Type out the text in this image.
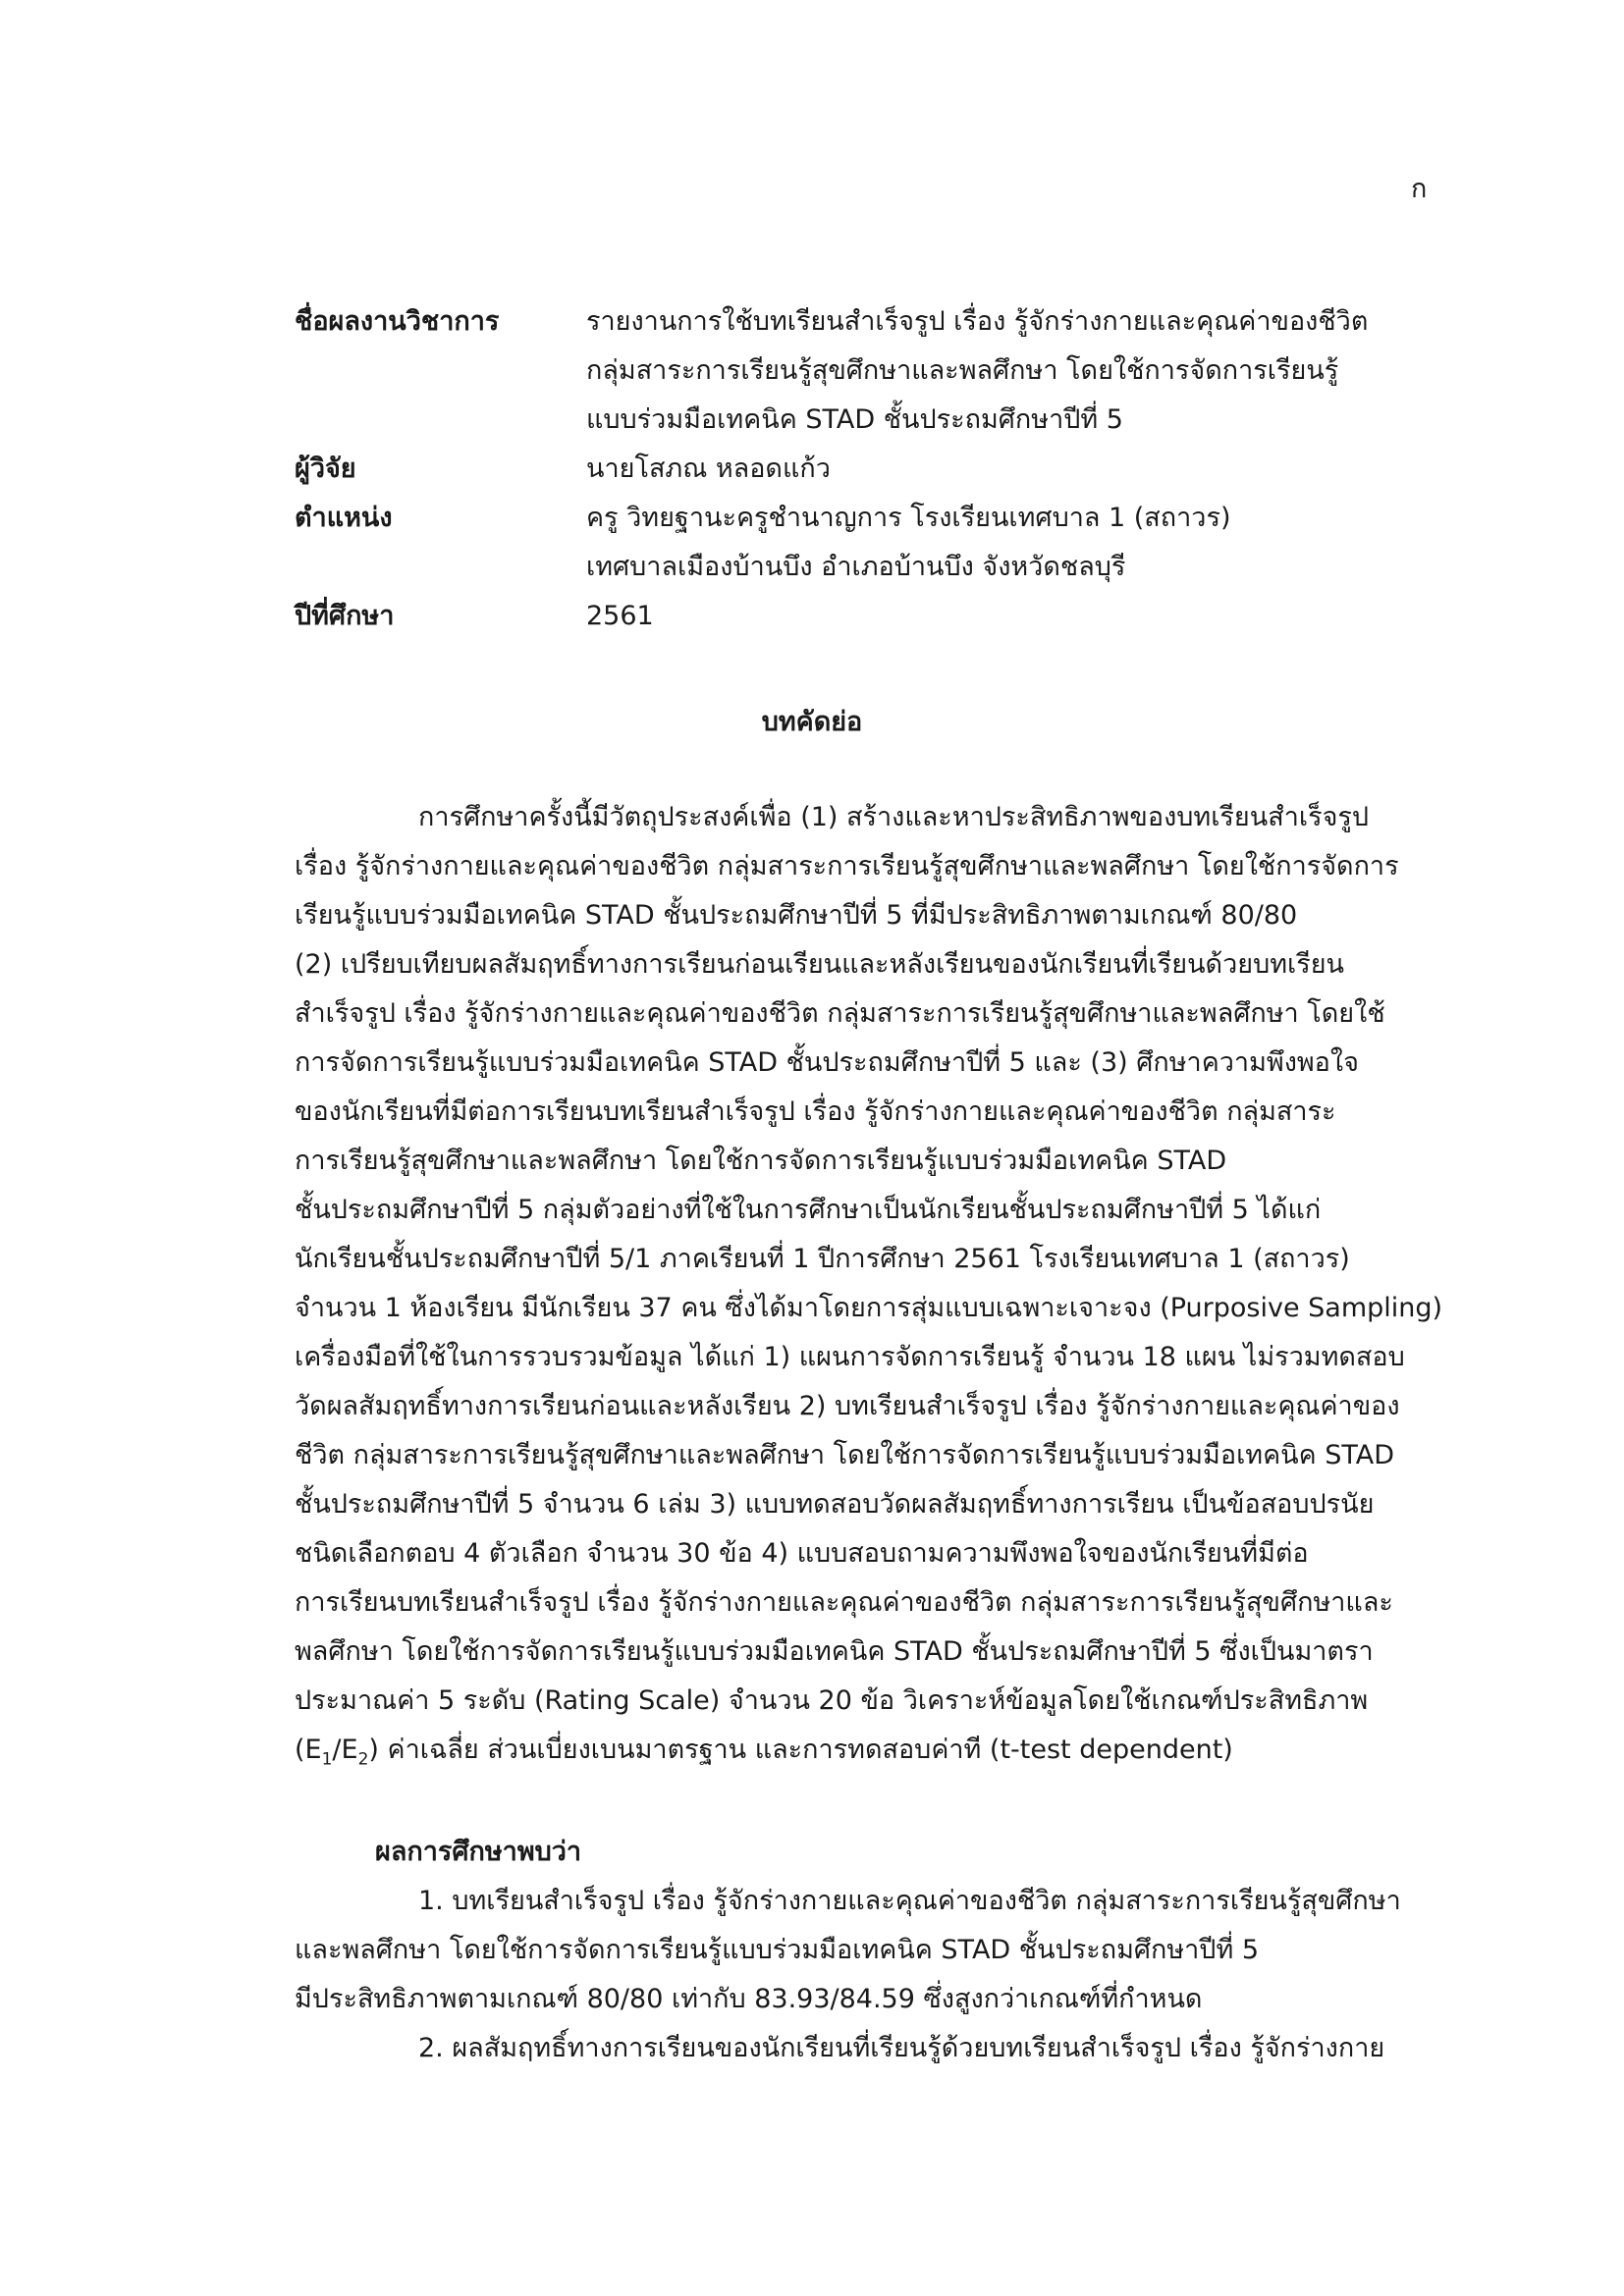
ก
ชื่อผลงานวิชาการ	รายงานการใช้บทเรียนสำเร็จรูป เรื่อง รู้จักร่างกายและคุณค่าของชีวิต
กลุ่มสาระการเรียนรู้สุขศึกษาและพลศึกษา โดยใช้การจัดการเรียนรู้
แบบร่วมมือเทคนิค STAD ชั้นประถมศึกษาปีที่ 5
ผู้วิจัย	นายโสภณ หลอดแก้ว
ตำแหน่ง	ครู วิทยฐานะครูชำนาญการ โรงเรียนเทศบาล 1 (สถาวร)
เทศบาลเมืองบ้านบึง อำเภอบ้านบึง จังหวัดชลบุรี
ปีที่ศึกษา	2561
บทคัดย่อ
การศึกษาครั้งนี้มีวัตถุประสงค์เพื่อ (1) สร้างและหาประสิทธิภาพของบทเรียนสำเร็จรูป
เรื่อง รู้จักร่างกายและคุณค่าของชีวิต กลุ่มสาระการเรียนรู้สุขศึกษาและพลศึกษา โดยใช้การจัดการ
เรียนรู้แบบร่วมมือเทคนิค STAD ชั้นประถมศึกษาปีที่ 5 ที่มีประสิทธิภาพตามเกณฑ์ 80/80
(2) เปรียบเทียบผลสัมฤทธิ์ทางการเรียนก่อนเรียนและหลังเรียนของนักเรียนที่เรียนด้วยบทเรียน
สำเร็จรูป เรื่อง รู้จักร่างกายและคุณค่าของชีวิต กลุ่มสาระการเรียนรู้สุขศึกษาและพลศึกษา โดยใช้
การจัดการเรียนรู้แบบร่วมมือเทคนิค STAD ชั้นประถมศึกษาปีที่ 5 และ (3) ศึกษาความพึงพอใจ
ของนักเรียนที่มีต่อการเรียนบทเรียนสำเร็จรูป เรื่อง รู้จักร่างกายและคุณค่าของชีวิต กลุ่มสาระ
การเรียนรู้สุขศึกษาและพลศึกษา โดยใช้การจัดการเรียนรู้แบบร่วมมือเทคนิค STAD
ชั้นประถมศึกษาปีที่ 5 กลุ่มตัวอย่างที่ใช้ในการศึกษาเป็นนักเรียนชั้นประถมศึกษาปีที่ 5 ได้แก่
นักเรียนชั้นประถมศึกษาปีที่ 5/1 ภาคเรียนที่ 1 ปีการศึกษา 2561 โรงเรียนเทศบาล 1 (สถาวร)
จำนวน 1 ห้องเรียน มีนักเรียน 37 คน ซึ่งได้มาโดยการสุ่มแบบเฉพาะเจาะจง (Purposive Sampling)
เครื่องมือที่ใช้ในการรวบรวมข้อมูล ได้แก่ 1) แผนการจัดการเรียนรู้ จำนวน 18 แผน ไม่รวมทดสอบ
วัดผลสัมฤทธิ์ทางการเรียนก่อนและหลังเรียน 2) บทเรียนสำเร็จรูป เรื่อง รู้จักร่างกายและคุณค่าของ
ชีวิต กลุ่มสาระการเรียนรู้สุขศึกษาและพลศึกษา โดยใช้การจัดการเรียนรู้แบบร่วมมือเทคนิค STAD
ชั้นประถมศึกษาปีที่ 5 จำนวน 6 เล่ม 3) แบบทดสอบวัดผลสัมฤทธิ์ทางการเรียน เป็นข้อสอบปรนัย
ชนิดเลือกตอบ 4 ตัวเลือก จำนวน 30 ข้อ 4) แบบสอบถามความพึงพอใจของนักเรียนที่มีต่อ
การเรียนบทเรียนสำเร็จรูป เรื่อง รู้จักร่างกายและคุณค่าของชีวิต กลุ่มสาระการเรียนรู้สุขศึกษาและ
พลศึกษา โดยใช้การจัดการเรียนรู้แบบร่วมมือเทคนิค STAD ชั้นประถมศึกษาปีที่ 5 ซึ่งเป็นมาตรา
ประมาณค่า 5 ระดับ (Rating Scale) จำนวน 20 ข้อ วิเคราะห์ข้อมูลโดยใช้เกณฑ์ประสิทธิภาพ
$(E_1/E_2)$ ค่าเฉลี่ย ส่วนเบี่ยงเบนมาตรฐาน และการทดสอบค่าที (t-test dependent)
ผลการศึกษาพบว่า
1. บทเรียนสำเร็จรูป เรื่อง รู้จักร่างกายและคุณค่าของชีวิต กลุ่มสาระการเรียนรู้สุขศึกษา
และพลศึกษา โดยใช้การจัดการเรียนรู้แบบร่วมมือเทคนิค STAD ชั้นประถมศึกษาปีที่ 5
มีประสิทธิภาพตามเกณฑ์ 80/80 เท่ากับ 83.93/84.59 ซึ่งสูงกว่าเกณฑ์ที่กำหนด
2. ผลสัมฤทธิ์ทางการเรียนของนักเรียนที่เรียนรู้ด้วยบทเรียนสำเร็จรูป เรื่อง รู้จักร่างกาย
